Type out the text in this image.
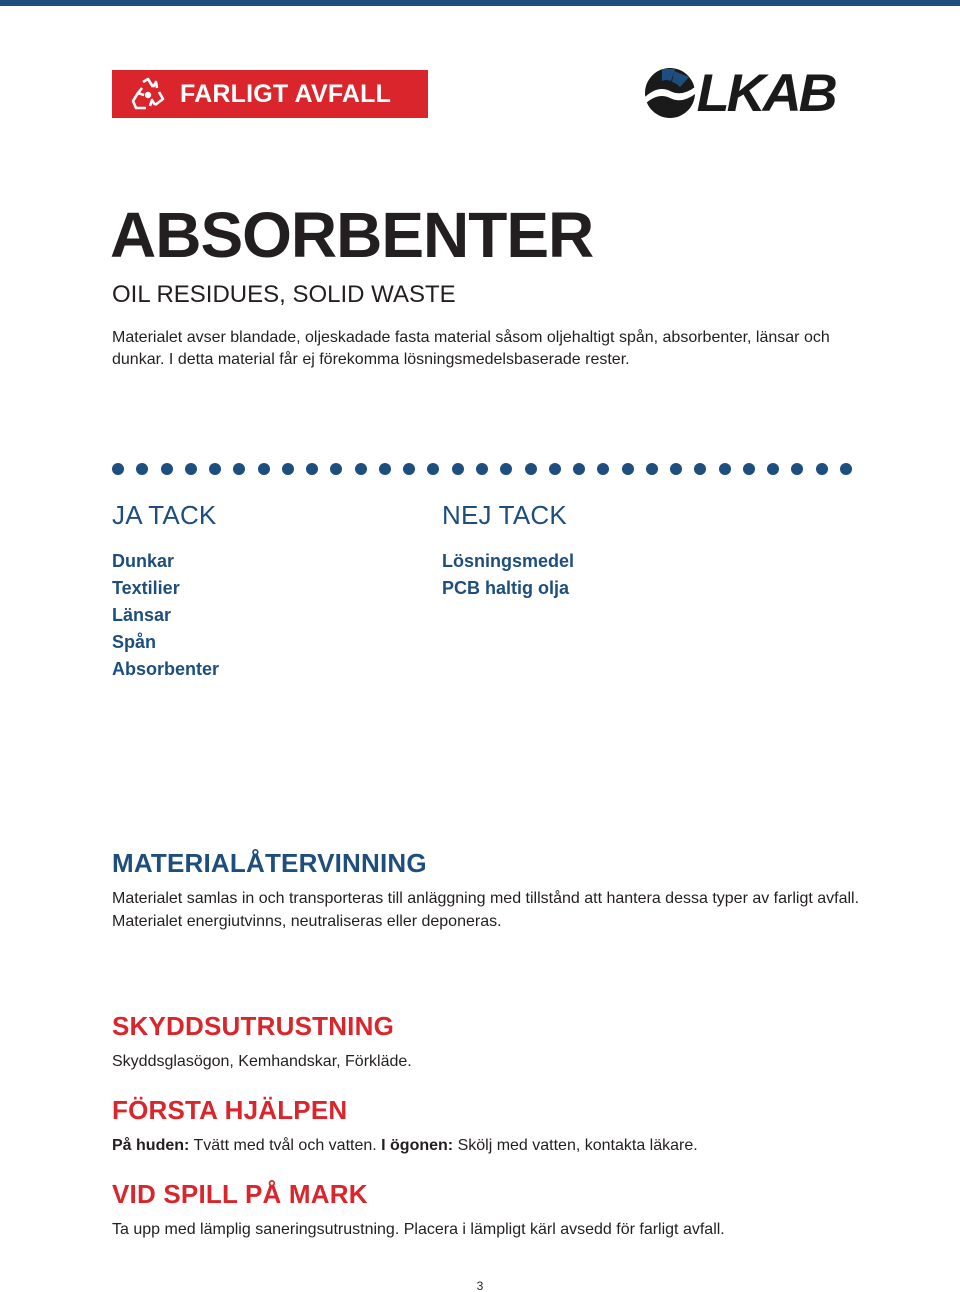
FARLIGT AVFALL	LKAB
ABSORBENTER
OIL RESIDUES, SOLID WASTE

Materialet avser blandade, oljeskadade fasta material såsom oljehaltigt spån, absorbenter, länsar och dunkar. I detta material får ej förekomma lösningsmedelsbaserade rester.

JA TACK
Dunkar
Textilier
Länsar
Spån
Absorbenter
NEJ TACK
Lösningsmedel
PCB haltig olja
MATERIALÅTERVINNING

Materialet samlas in och transporteras till anläggning med tillstånd att hantera dessa typer av farligt avfall. Materialet energiutvinns, neutraliseras eller deponeras.

SKYDDSUTRUSTNING

Skyddsglasögon, Kemhandskar, Förkläde.

FÖRSTA HJÄLPEN

På huden: Tvätt med tvål och vatten. I ögonen: Skölj med vatten, kontakta läkare.

VID SPILL PÅ MARK

Ta upp med lämplig saneringsutrustning. Placera i lämpligt kärl avsedd för farligt avfall.

3
